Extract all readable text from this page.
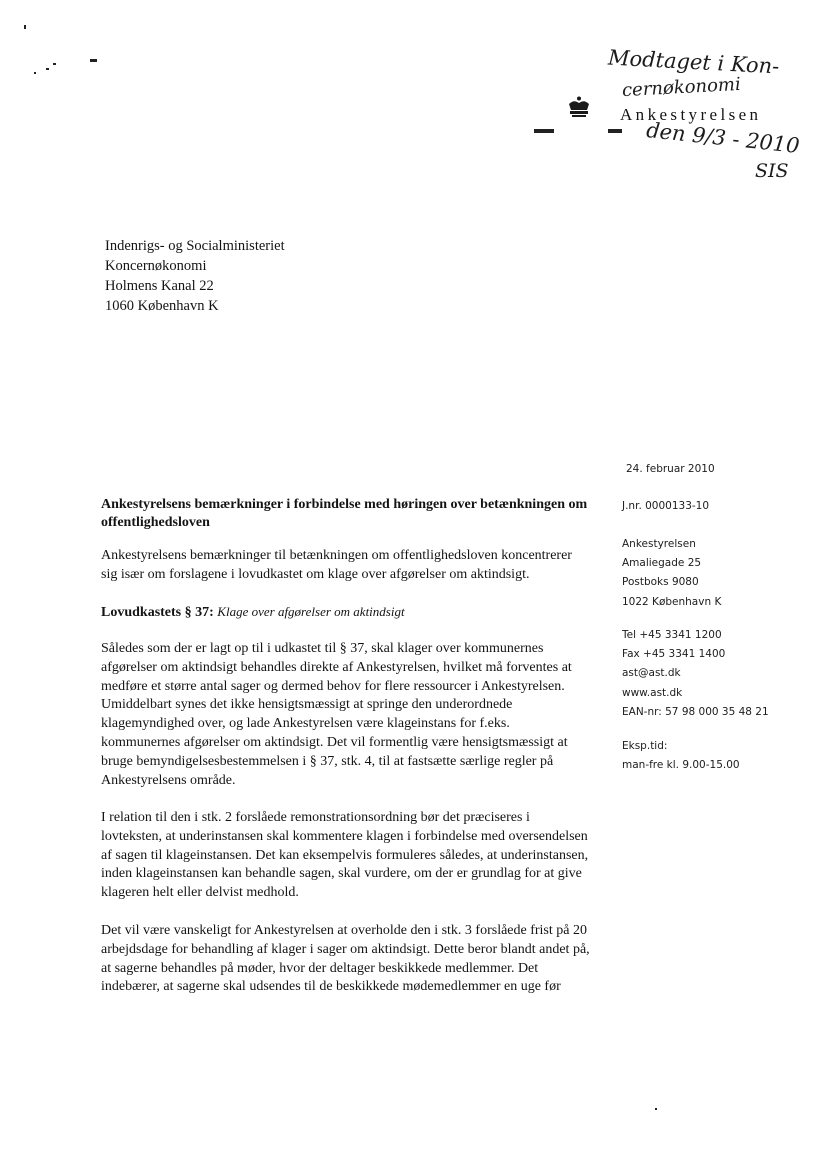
Modtaget i Kon-
cernøkonomi
den 9/3 - 2010
SIS
Ankestyrelsen
Indenrigs- og Socialministeriet
Koncernøkonomi
Holmens Kanal 22
1060 København K
24. februar 2010
J.nr. 0000133-10
Ankestyrelsen
Amaliegade 25
Postboks 9080
1022 København K
Tel +45 3341 1200
Fax +45 3341 1400
ast@ast.dk
www.ast.dk
EAN-nr: 57 98 000 35 48 21
Eksp.tid:
man-fre kl. 9.00-15.00
Ankestyrelsens bemærkninger i forbindelse med høringen over betænkningen om offentlighedsloven
Ankestyrelsens bemærkninger til betænkningen om offentlighedsloven koncentrerer sig især om forslagene i lovudkastet om klage over afgørelser om aktindsigt.
Lovudkastets § 37: Klage over afgørelser om aktindsigt
Således som der er lagt op til i udkastet til § 37, skal klager over kommunernes afgørelser om aktindsigt behandles direkte af Ankestyrelsen, hvilket må forventes at medføre et større antal sager og dermed behov for flere ressourcer i Ankestyrelsen. Umiddelbart synes det ikke hensigtsmæssigt at springe den underordnede klagemyndighed over, og lade Ankestyrelsen være klageinstans for f.eks. kommunernes afgørelser om aktindsigt. Det vil formentlig være hensigtsmæssigt at bruge bemyndigelsesbestemmelsen i § 37, stk. 4, til at fastsætte særlige regler på Ankestyrelsens område.
I relation til den i stk. 2 forslåede remonstrationsordning bør det præciseres i lovteksten, at underinstansen skal kommentere klagen i forbindelse med oversendelsen af sagen til klageinstansen. Det kan eksempelvis formuleres således, at underinstansen, inden klageinstansen kan behandle sagen, skal vurdere, om der er grundlag for at give klageren helt eller delvist medhold.
Det vil være vanskeligt for Ankestyrelsen at overholde den i stk. 3 forslåede frist på 20 arbejdsdage for behandling af klager i sager om aktindsigt. Dette beror blandt andet på, at sagerne behandles på møder, hvor der deltager beskikkede medlemmer. Det indebærer, at sagerne skal udsendes til de beskikkede mødemedlemmer en uge før
